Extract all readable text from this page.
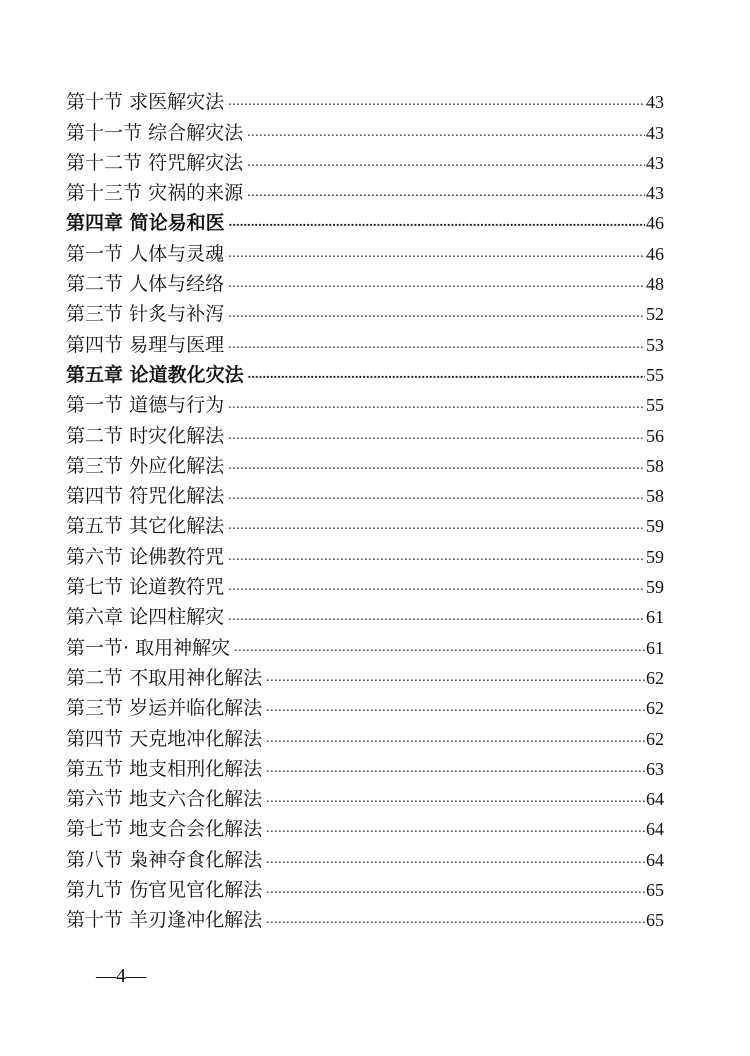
第十节 求医解灾法 .....	43
第十一节 综合解灾法 .....	43
第十二节 符咒解灾法 .....	43
第十三节 灾祸的来源 .....	43
第四章 简论易和医 .....	46
第一节 人体与灵魂 .....	46
第二节 人体与经络 .....	48
第三节 针炙与补泻 .....	52
第四节 易理与医理 .....	53
第五章 论道教化灾法 .....	55
第一节 道德与行为 .....	55
第二节 时灾化解法 .....	56
第三节 外应化解法 .....	58
第四节 符咒化解法 .....	58
第五节 其它化解法 .....	59
第六节 论佛教符咒 .....	59
第七节 论道教符咒 .....	59
第六章 论四柱解灾 .....	61
第一节· 取用神解灾 .....	61
第二节 不取用神化解法 .....	62
第三节 岁运并临化解法 .....	62
第四节 天克地冲化解法 .....	62
第五节 地支相刑化解法 .....	63
第六节 地支六合化解法 .....	64
第七节 地支合会化解法 .....	64
第八节 枭神夺食化解法 .....	64
第九节 伤官见官化解法 .....	65
第十节 羊刃逢冲化解法 .....	65
—4—
